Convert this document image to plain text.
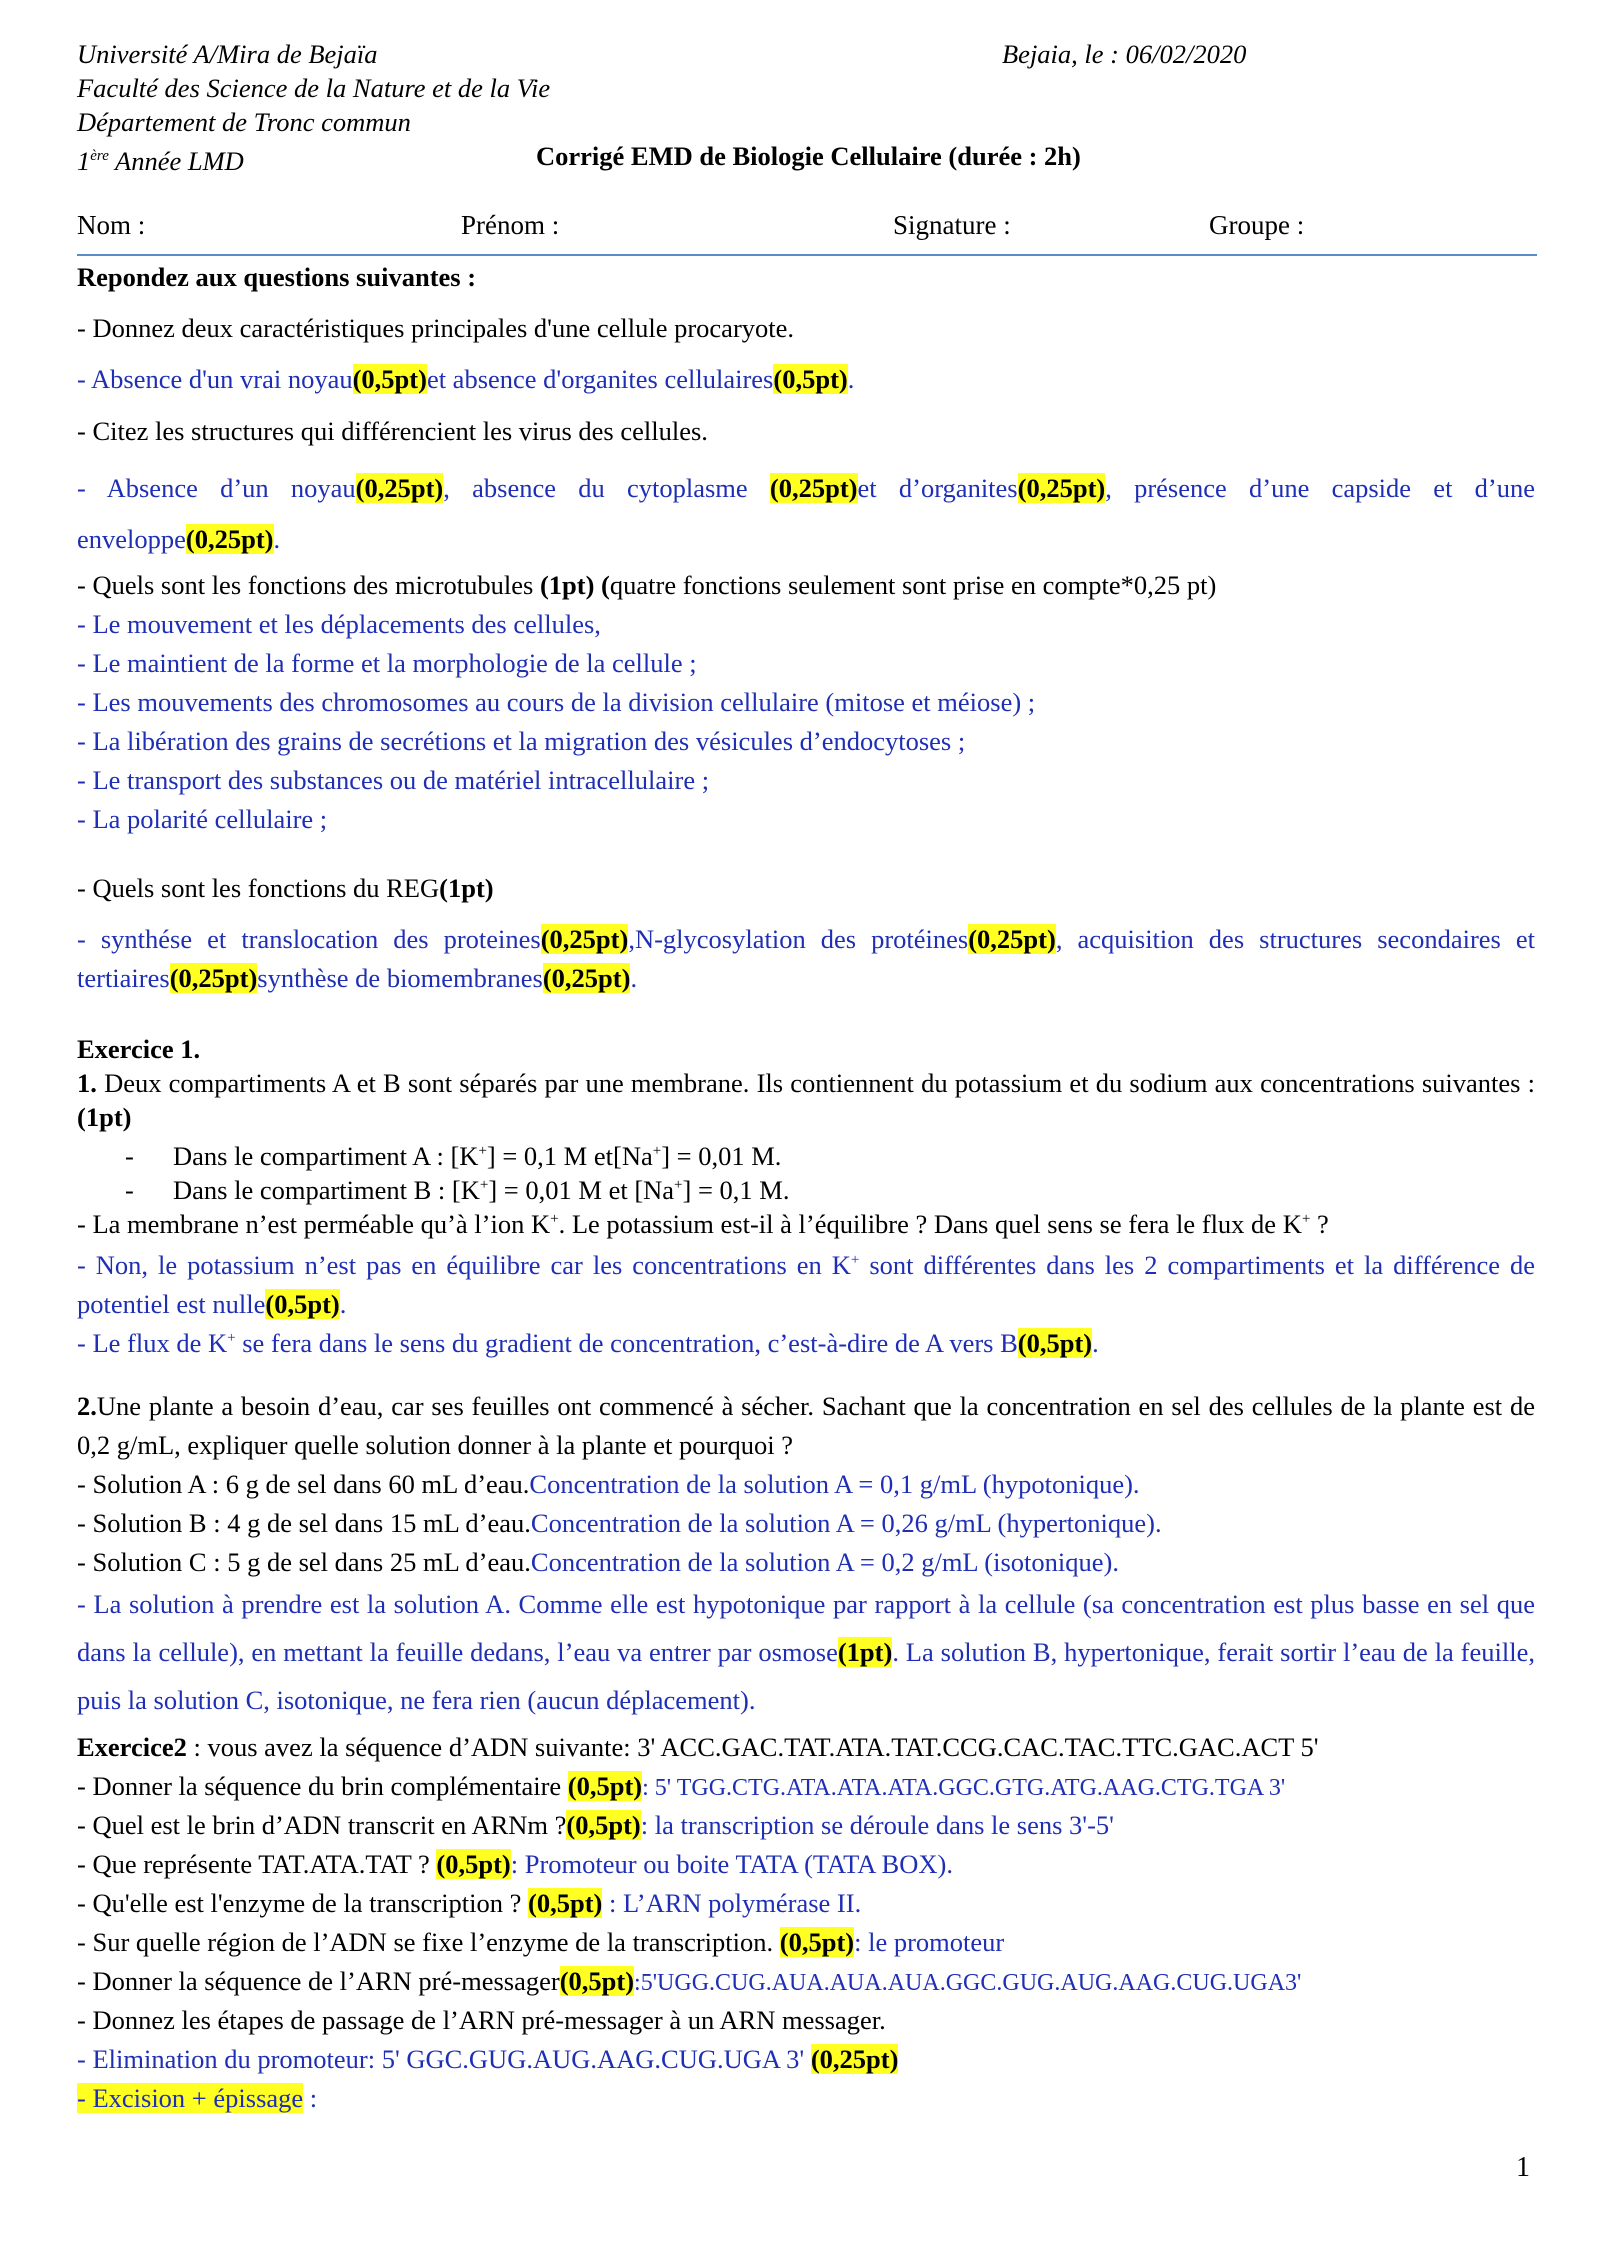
Université A/Mira de Bejaïa
Faculté des Science de la Nature et de la Vie
Département de Tronc commun
1ère Année LMD
Bejaia, le : 06/02/2020
Corrigé EMD de Biologie Cellulaire (durée : 2h)
Nom :	Prénom :	Signature :	Groupe :
Repondez aux questions suivantes :
- Donnez deux caractéristiques principales d'une cellule procaryote.
- Absence d'un vrai noyau(0,5pt)et absence d'organites cellulaires(0,5pt).
- Citez les structures qui différencient les virus des cellules.
- Absence d’un noyau(0,25pt), absence du cytoplasme (0,25pt)et d’organites(0,25pt), présence d’une capside et d’une enveloppe(0,25pt).
- Quels sont les fonctions des microtubules (1pt) (quatre fonctions seulement sont prise en compte*0,25 pt)
- Le mouvement et les déplacements des cellules,
- Le maintient de la forme et la morphologie de la cellule ;
- Les mouvements des chromosomes au cours de la division cellulaire (mitose et méiose) ;
- La libération des grains de secrétions et la migration des vésicules d’endocytoses ;
- Le transport des substances ou de matériel intracellulaire ;
- La polarité cellulaire ;
- Quels sont les fonctions du REG(1pt)
- synthése et translocation des proteines(0,25pt),N-glycosylation des protéines(0,25pt), acquisition des structures secondaires et tertiaires(0,25pt)synthèse de biomembranes(0,25pt).
Exercice 1.
1. Deux compartiments A et B sont séparés par une membrane. Ils contiennent du potassium et du sodium aux concentrations suivantes : (1pt)
- Dans le compartiment A : [K+] = 0,1 M et[Na+] = 0,01 M.
- Dans le compartiment B : [K+] = 0,01 M et [Na+] = 0,1 M.
- La membrane n’est perméable qu’à l’ion K+. Le potassium est-il à l’équilibre ? Dans quel sens se fera le flux de K+ ?
- Non, le potassium n’est pas en équilibre car les concentrations en K+ sont différentes dans les 2 compartiments et la différence de potentiel est nulle(0,5pt).
- Le flux de K+ se fera dans le sens du gradient de concentration, c’est-à-dire de A vers B(0,5pt).
2.Une plante a besoin d’eau, car ses feuilles ont commencé à sécher. Sachant que la concentration en sel des cellules de la plante est de 0,2 g/mL, expliquer quelle solution donner à la plante et pourquoi ?
- Solution A : 6 g de sel dans 60 mL d’eau.Concentration de la solution A = 0,1 g/mL (hypotonique).
- Solution B : 4 g de sel dans 15 mL d’eau.Concentration de la solution A = 0,26 g/mL (hypertonique).
- Solution C : 5 g de sel dans 25 mL d’eau.Concentration de la solution A = 0,2 g/mL (isotonique).
- La solution à prendre est la solution A. Comme elle est hypotonique par rapport à la cellule (sa concentration est plus basse en sel que dans la cellule), en mettant la feuille dedans, l’eau va entrer par osmose(1pt). La solution B, hypertonique, ferait sortir l’eau de la feuille, puis la solution C, isotonique, ne fera rien (aucun déplacement).
Exercice2 : vous avez la séquence d’ADN suivante: 3' ACC.GAC.TAT.ATA.TAT.CCG.CAC.TAC.TTC.GAC.ACT 5'
- Donner la séquence du brin complémentaire (0,5pt): 5' TGG.CTG.ATA.ATA.ATA.GGC.GTG.ATG.AAG.CTG.TGA 3'
- Quel est le brin d’ADN transcrit en ARNm ?(0,5pt): la transcription se déroule dans le sens 3'-5'
- Que représente TAT.ATA.TAT ? (0,5pt): Promoteur ou boite TATA (TATA BOX).
- Qu'elle est l'enzyme de la transcription ? (0,5pt) : L’ARN polymérase II.
- Sur quelle région de l’ADN se fixe l’enzyme de la transcription. (0,5pt): le promoteur
- Donner la séquence de l’ARN pré-messager(0,5pt):5'UGG.CUG.AUA.AUA.AUA.GGC.GUG.AUG.AAG.CUG.UGA3'
- Donnez les étapes de passage de l’ARN pré-messager à un ARN messager.
- Elimination du promoteur: 5' GGC.GUG.AUG.AAG.CUG.UGA 3' (0,25pt)
- Excision + épissage :
1
